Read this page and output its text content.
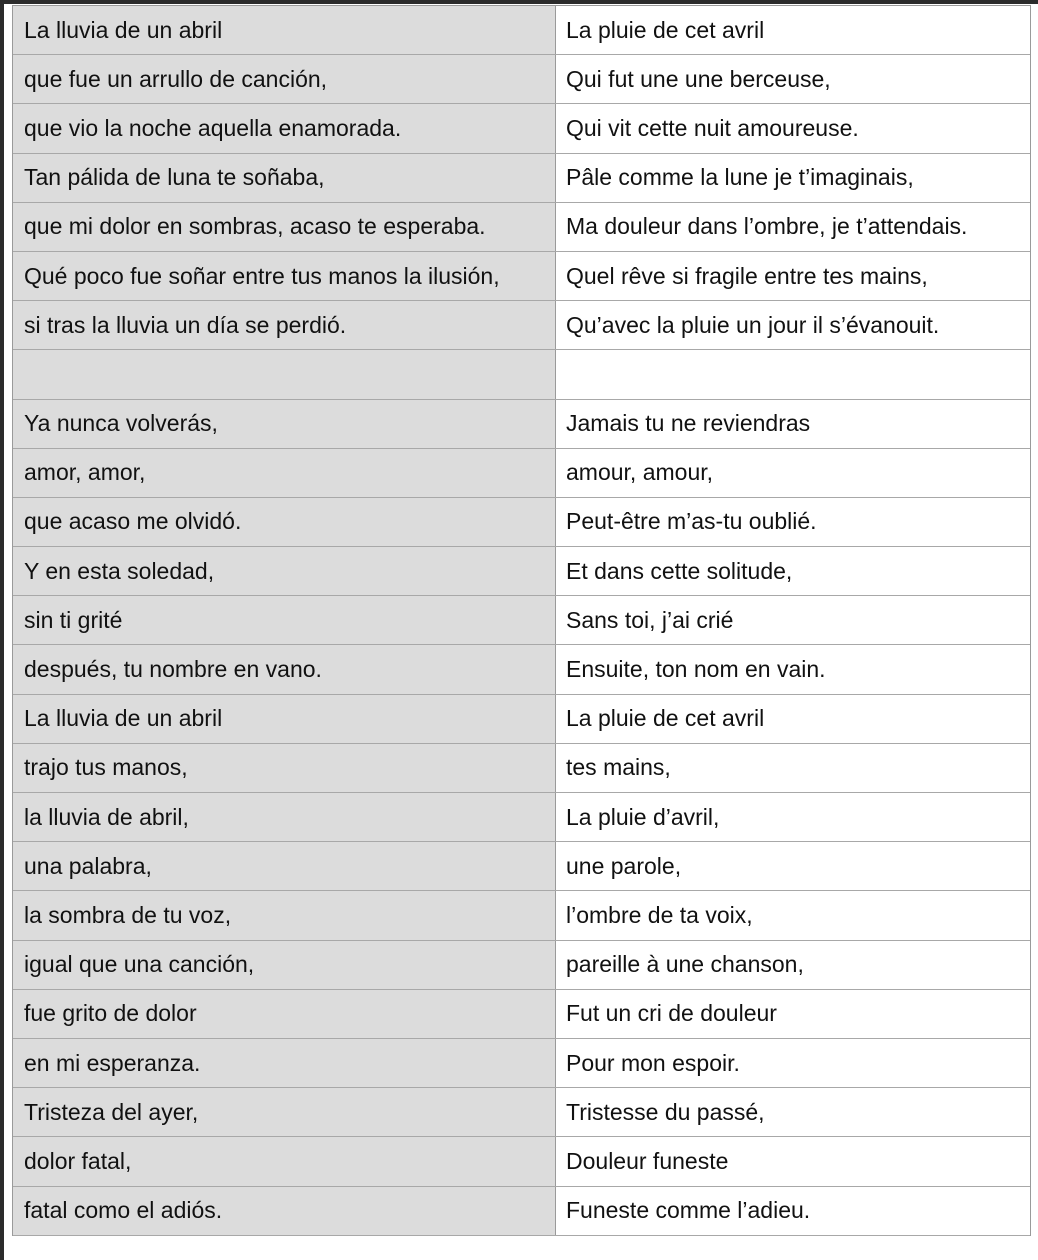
La lluvia de un abril	La pluie de cet avril
que fue un arrullo de canción,	Qui fut une une berceuse,
que vio la noche aquella enamorada.	Qui vit cette nuit amoureuse.
Tan pálida de luna te soñaba,	Pâle comme la lune je t’imaginais,
que mi dolor en sombras, acaso te esperaba.	Ma douleur dans l’ombre, je t’attendais.
Qué poco fue soñar entre tus manos la ilusión,	Quel rêve si fragile entre tes mains,
si tras la lluvia un día se perdió.	Qu’avec la pluie un jour il s’évanouit.
Ya nunca volverás,	Jamais tu ne reviendras
amor, amor,	amour, amour,
que acaso me olvidó.	Peut-être m’as-tu oublié.
Y en esta soledad,	Et dans cette solitude,
sin ti grité	Sans toi, j’ai crié
después, tu nombre en vano.	Ensuite, ton nom en vain.
La lluvia de un abril	La pluie de cet avril
trajo tus manos,	tes mains,
la lluvia de abril,	La pluie d’avril,
una palabra,	une parole,
la sombra de tu voz,	l’ombre de ta voix,
igual que una canción,	pareille à une chanson,
fue grito de dolor	Fut un cri de douleur
en mi esperanza.	Pour mon espoir.
Tristeza del ayer,	Tristesse du passé,
dolor fatal,	Douleur funeste
fatal como el adiós.	Funeste comme l’adieu.
